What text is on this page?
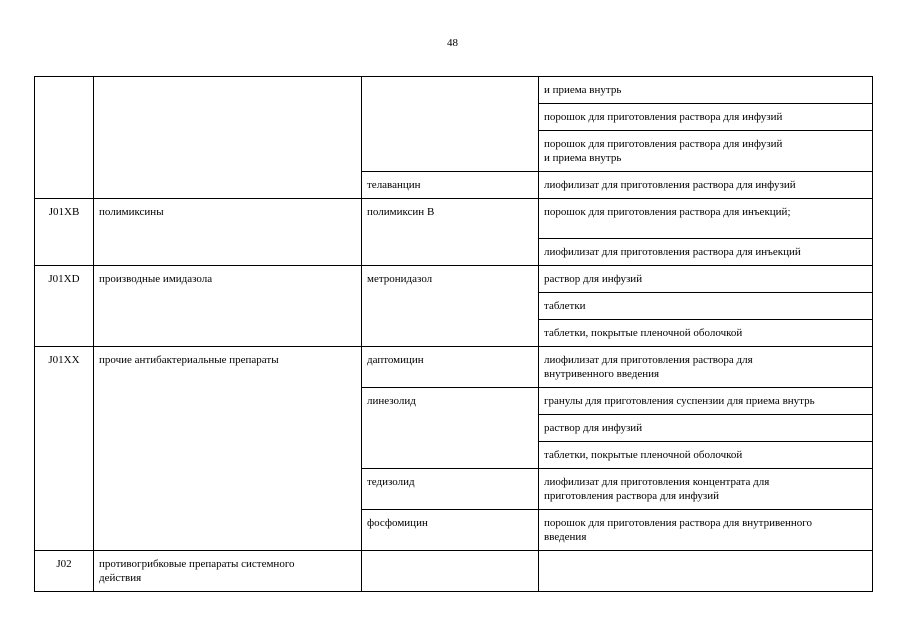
48
			и приема внутрь
			порошок для приготовления раствора для инфузий
			порошок для приготовления раствора для инфузий
и приема внутрь
		телаванцин	лиофилизат для приготовления раствора для инфузий
J01XB	полимиксины	полимиксин B	порошок для приготовления раствора для инъекций;
			лиофилизат для приготовления раствора для инъекций
J01XD	производные имидазола	метронидазол	раствор для инфузий
			таблетки
			таблетки, покрытые пленочной оболочкой
J01XX	прочие антибактериальные препараты	даптомицин	лиофилизат для приготовления раствора для
внутривенного введения
		линезолид	гранулы для приготовления суспензии для приема внутрь
			раствор для инфузий
			таблетки, покрытые пленочной оболочкой
		тедизолид	лиофилизат для приготовления концентрата для
приготовления раствора для инфузий
		фосфомицин	порошок для приготовления раствора для внутривенного
введения
J02	противогрибковые препараты системного
действия		
